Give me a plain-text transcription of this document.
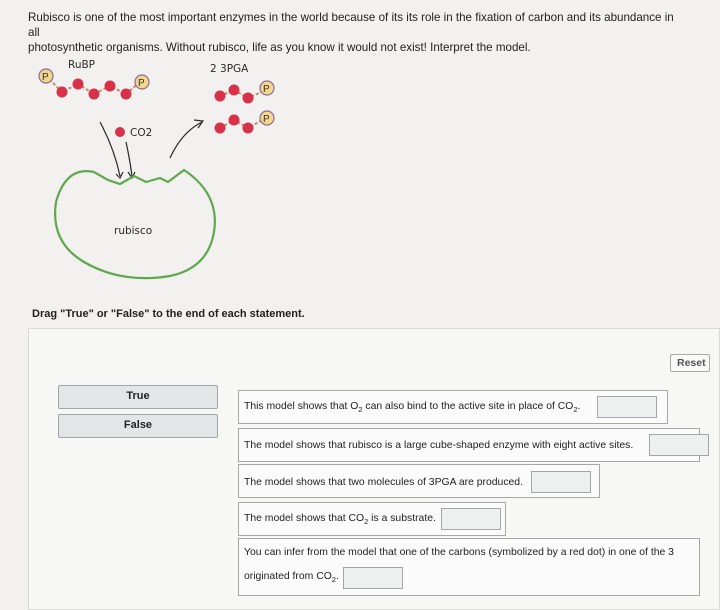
Rubisco is one of the most important enzymes in the world because of its its role in the fixation of carbon and its abundance in all
photosynthetic organisms. Without rubisco, life as you know it would not exist! Interpret the model.
RuBP
P
P
2 3PGA
P
P
CO2
rubisco
Drag "True" or "False" to the end of each statement.
Reset
True
False
This model shows that $O_2$ can also bind to the active site in place of $CO_2$.
The model shows that rubisco is a large cube-shaped enzyme with eight active sites.
The model shows that two molecules of 3PGA are produced.
The model shows that $CO_2$ is a substrate.
You can infer from the model that one of the carbons (symbolized by a red dot) in one of the 3
originated from $CO_2$.
